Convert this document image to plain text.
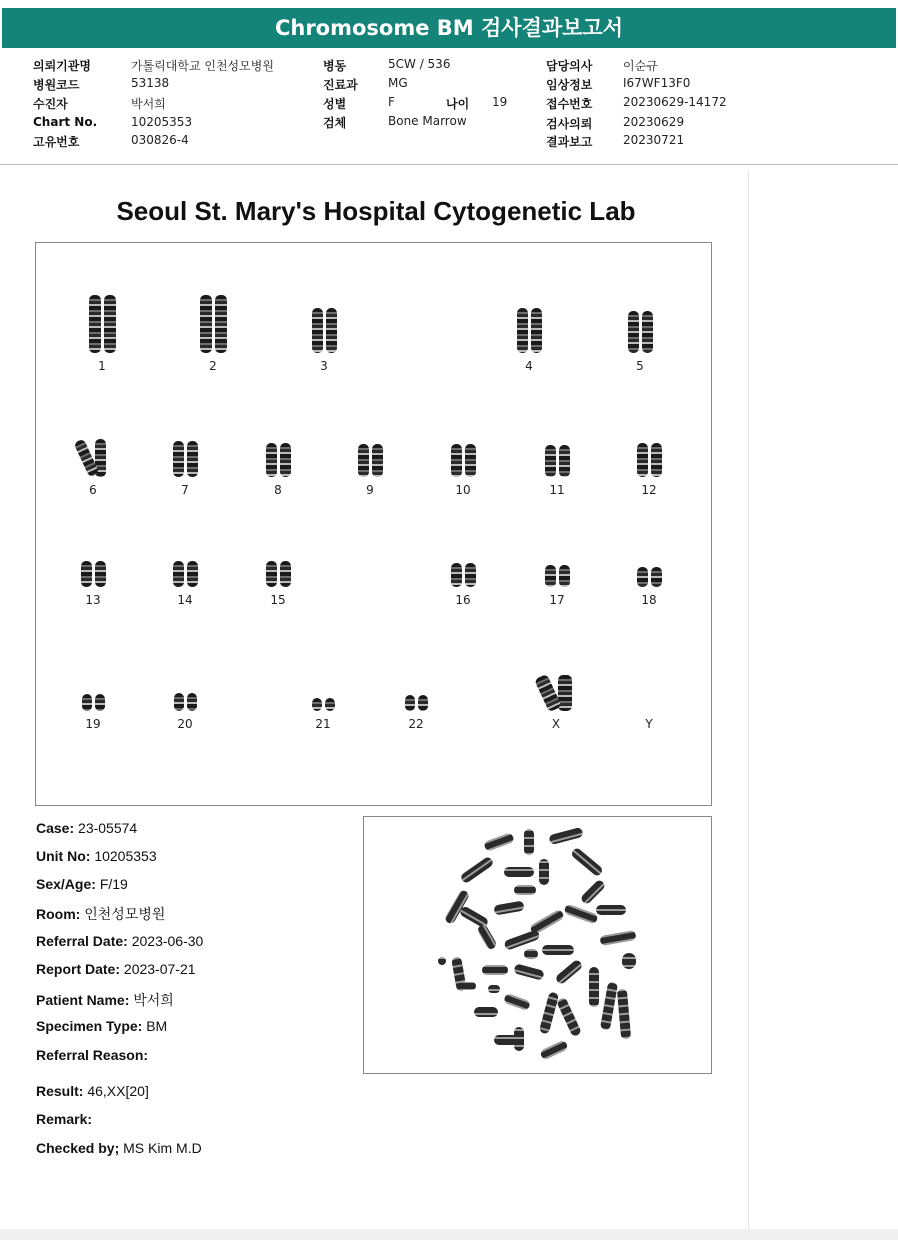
Chromosome BM 검사결과보고서
의뢰기관명	가톨릭대학교 인천성모병원
병원코드	53138
수진자	박서희
Chart No.	10205353
고유번호	030826-4
병동	5CW / 536
진료과	MG
성별	F	나이 19
검체	Bone Marrow
담당의사	이순규
임상정보	I67WF13F0
접수번호	20230629-14172
검사의뢰	20230629
결과보고	20230721
Seoul St. Mary's Hospital Cytogenetic Lab
1	2	3	4	5
6	7	8	9	10	11	12
13	14	15	16	17	18
19	20	21	22	X	Y
Case: 23-05574
Unit No: 10205353
Sex/Age: F/19
Room: 인천성모병원
Referral Date: 2023-06-30
Report Date: 2023-07-21
Patient Name: 박서희
Specimen Type: BM
Referral Reason:
Result: 46,XX[20]
Remark:
Checked by; MS Kim M.D
